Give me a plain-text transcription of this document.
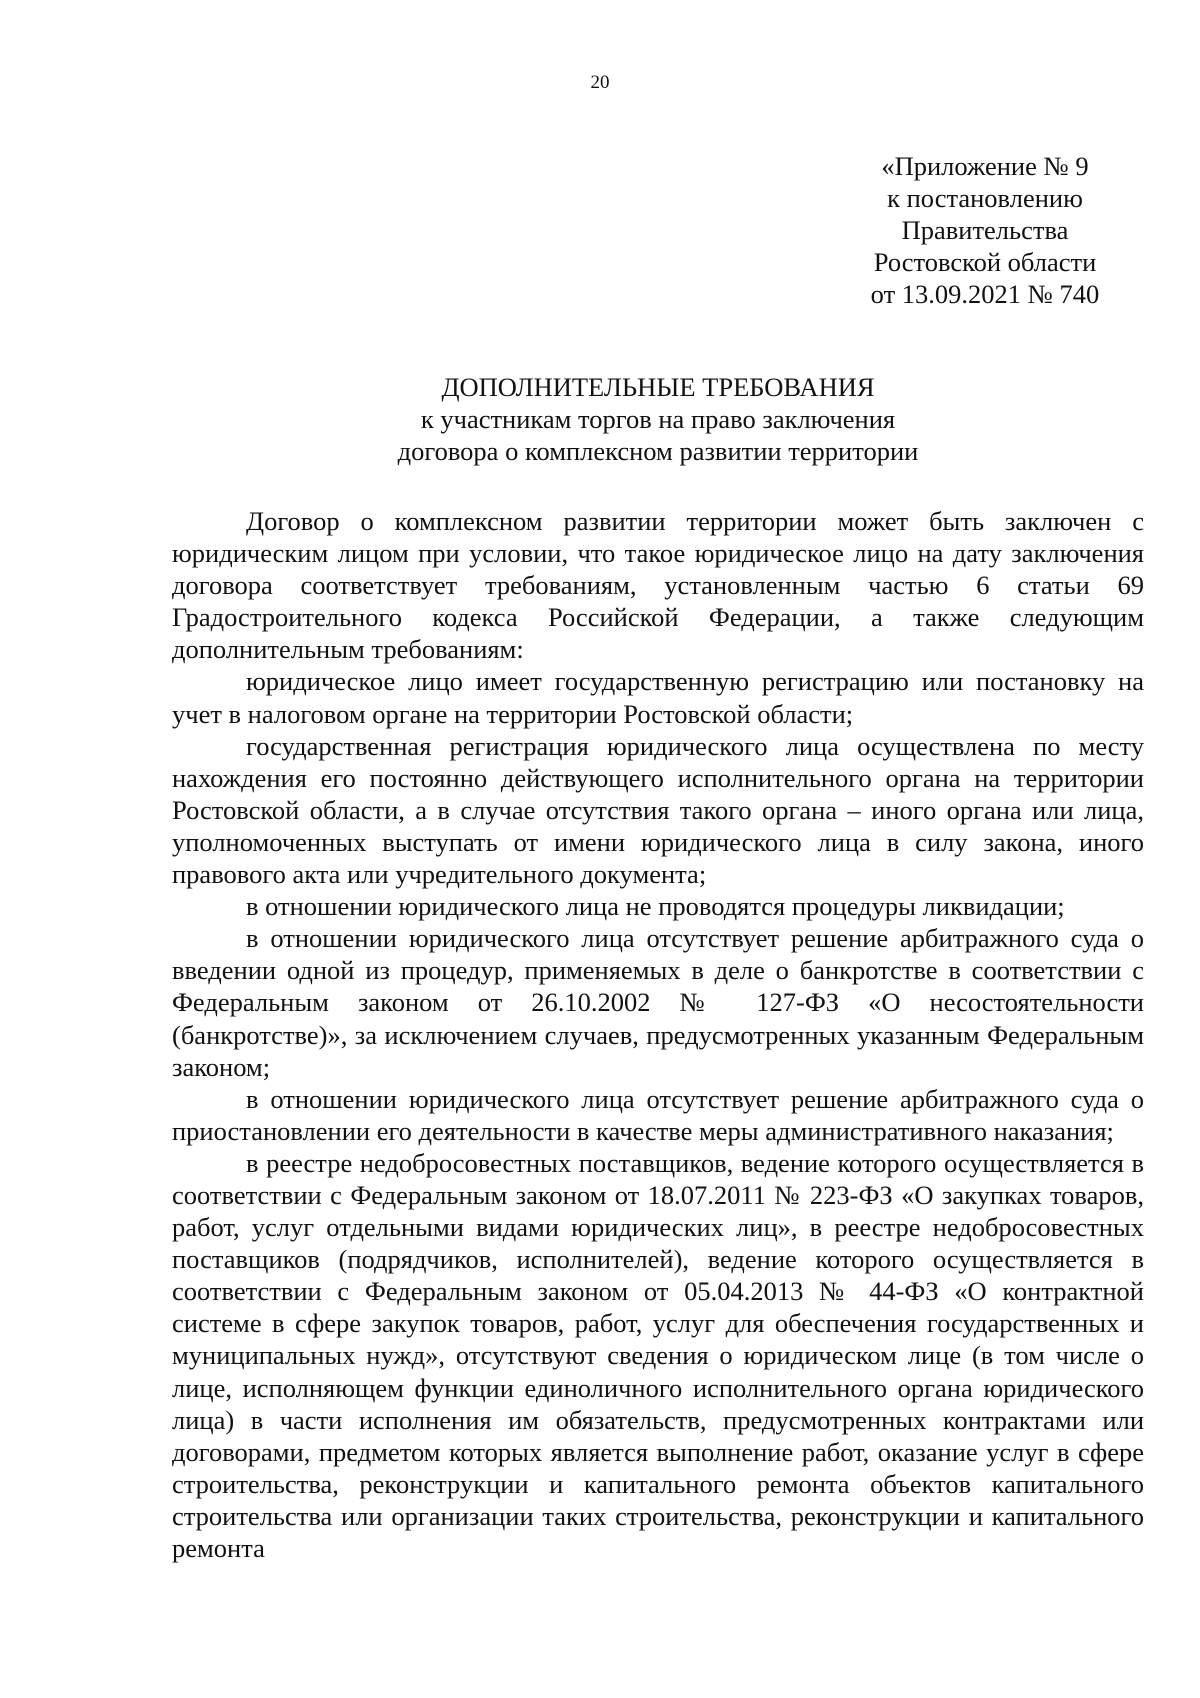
20
«Приложение № 9
к постановлению
Правительства
Ростовской области
от 13.09.2021 № 740
ДОПОЛНИТЕЛЬНЫЕ ТРЕБОВАНИЯ
к участникам торгов на право заключения
договора о комплексном развитии территории

Договор о комплексном развитии территории может быть заключен с юридическим лицом при условии, что такое юридическое лицо на дату заключения договора соответствует требованиям, установленным частью 6 статьи 69 Градостроительного кодекса Российской Федерации, а также следующим дополнительным требованиям:

юридическое лицо имеет государственную регистрацию или постановку на учет в налоговом органе на территории Ростовской области;

государственная регистрация юридического лица осуществлена по месту нахождения его постоянно действующего исполнительного органа на территории Ростовской области, а в случае отсутствия такого органа – иного органа или лица, уполномоченных выступать от имени юридического лица в силу закона, иного правового акта или учредительного документа;

в отношении юридического лица не проводятся процедуры ликвидации;

в отношении юридического лица отсутствует решение арбитражного суда о введении одной из процедур, применяемых в деле о банкротстве в соответствии с Федеральным законом от 26.10.2002 № 127-ФЗ «О несостоятельности (банкротстве)», за исключением случаев, предусмотренных указанным Федеральным законом;

в отношении юридического лица отсутствует решение арбитражного суда о приостановлении его деятельности в качестве меры административного наказания;

в реестре недобросовестных поставщиков, ведение которого осуществляется в соответствии с Федеральным законом от 18.07.2011 № 223-ФЗ «О закупках товаров, работ, услуг отдельными видами юридических лиц», в реестре недобросовестных поставщиков (подрядчиков, исполнителей), ведение которого осуществляется в соответствии с Федеральным законом от 05.04.2013 № 44-ФЗ «О контрактной системе в сфере закупок товаров, работ, услуг для обеспечения государственных и муниципальных нужд», отсутствуют сведения о юридическом лице (в том числе о лице, исполняющем функции единоличного исполнительного органа юридического лица) в части исполнения им обязательств, предусмотренных контрактами или договорами, предметом которых является выполнение работ, оказание услуг в сфере строительства, реконструкции и капитального ремонта объектов капитального строительства или организации таких строительства, реконструкции и капитального ремонта
